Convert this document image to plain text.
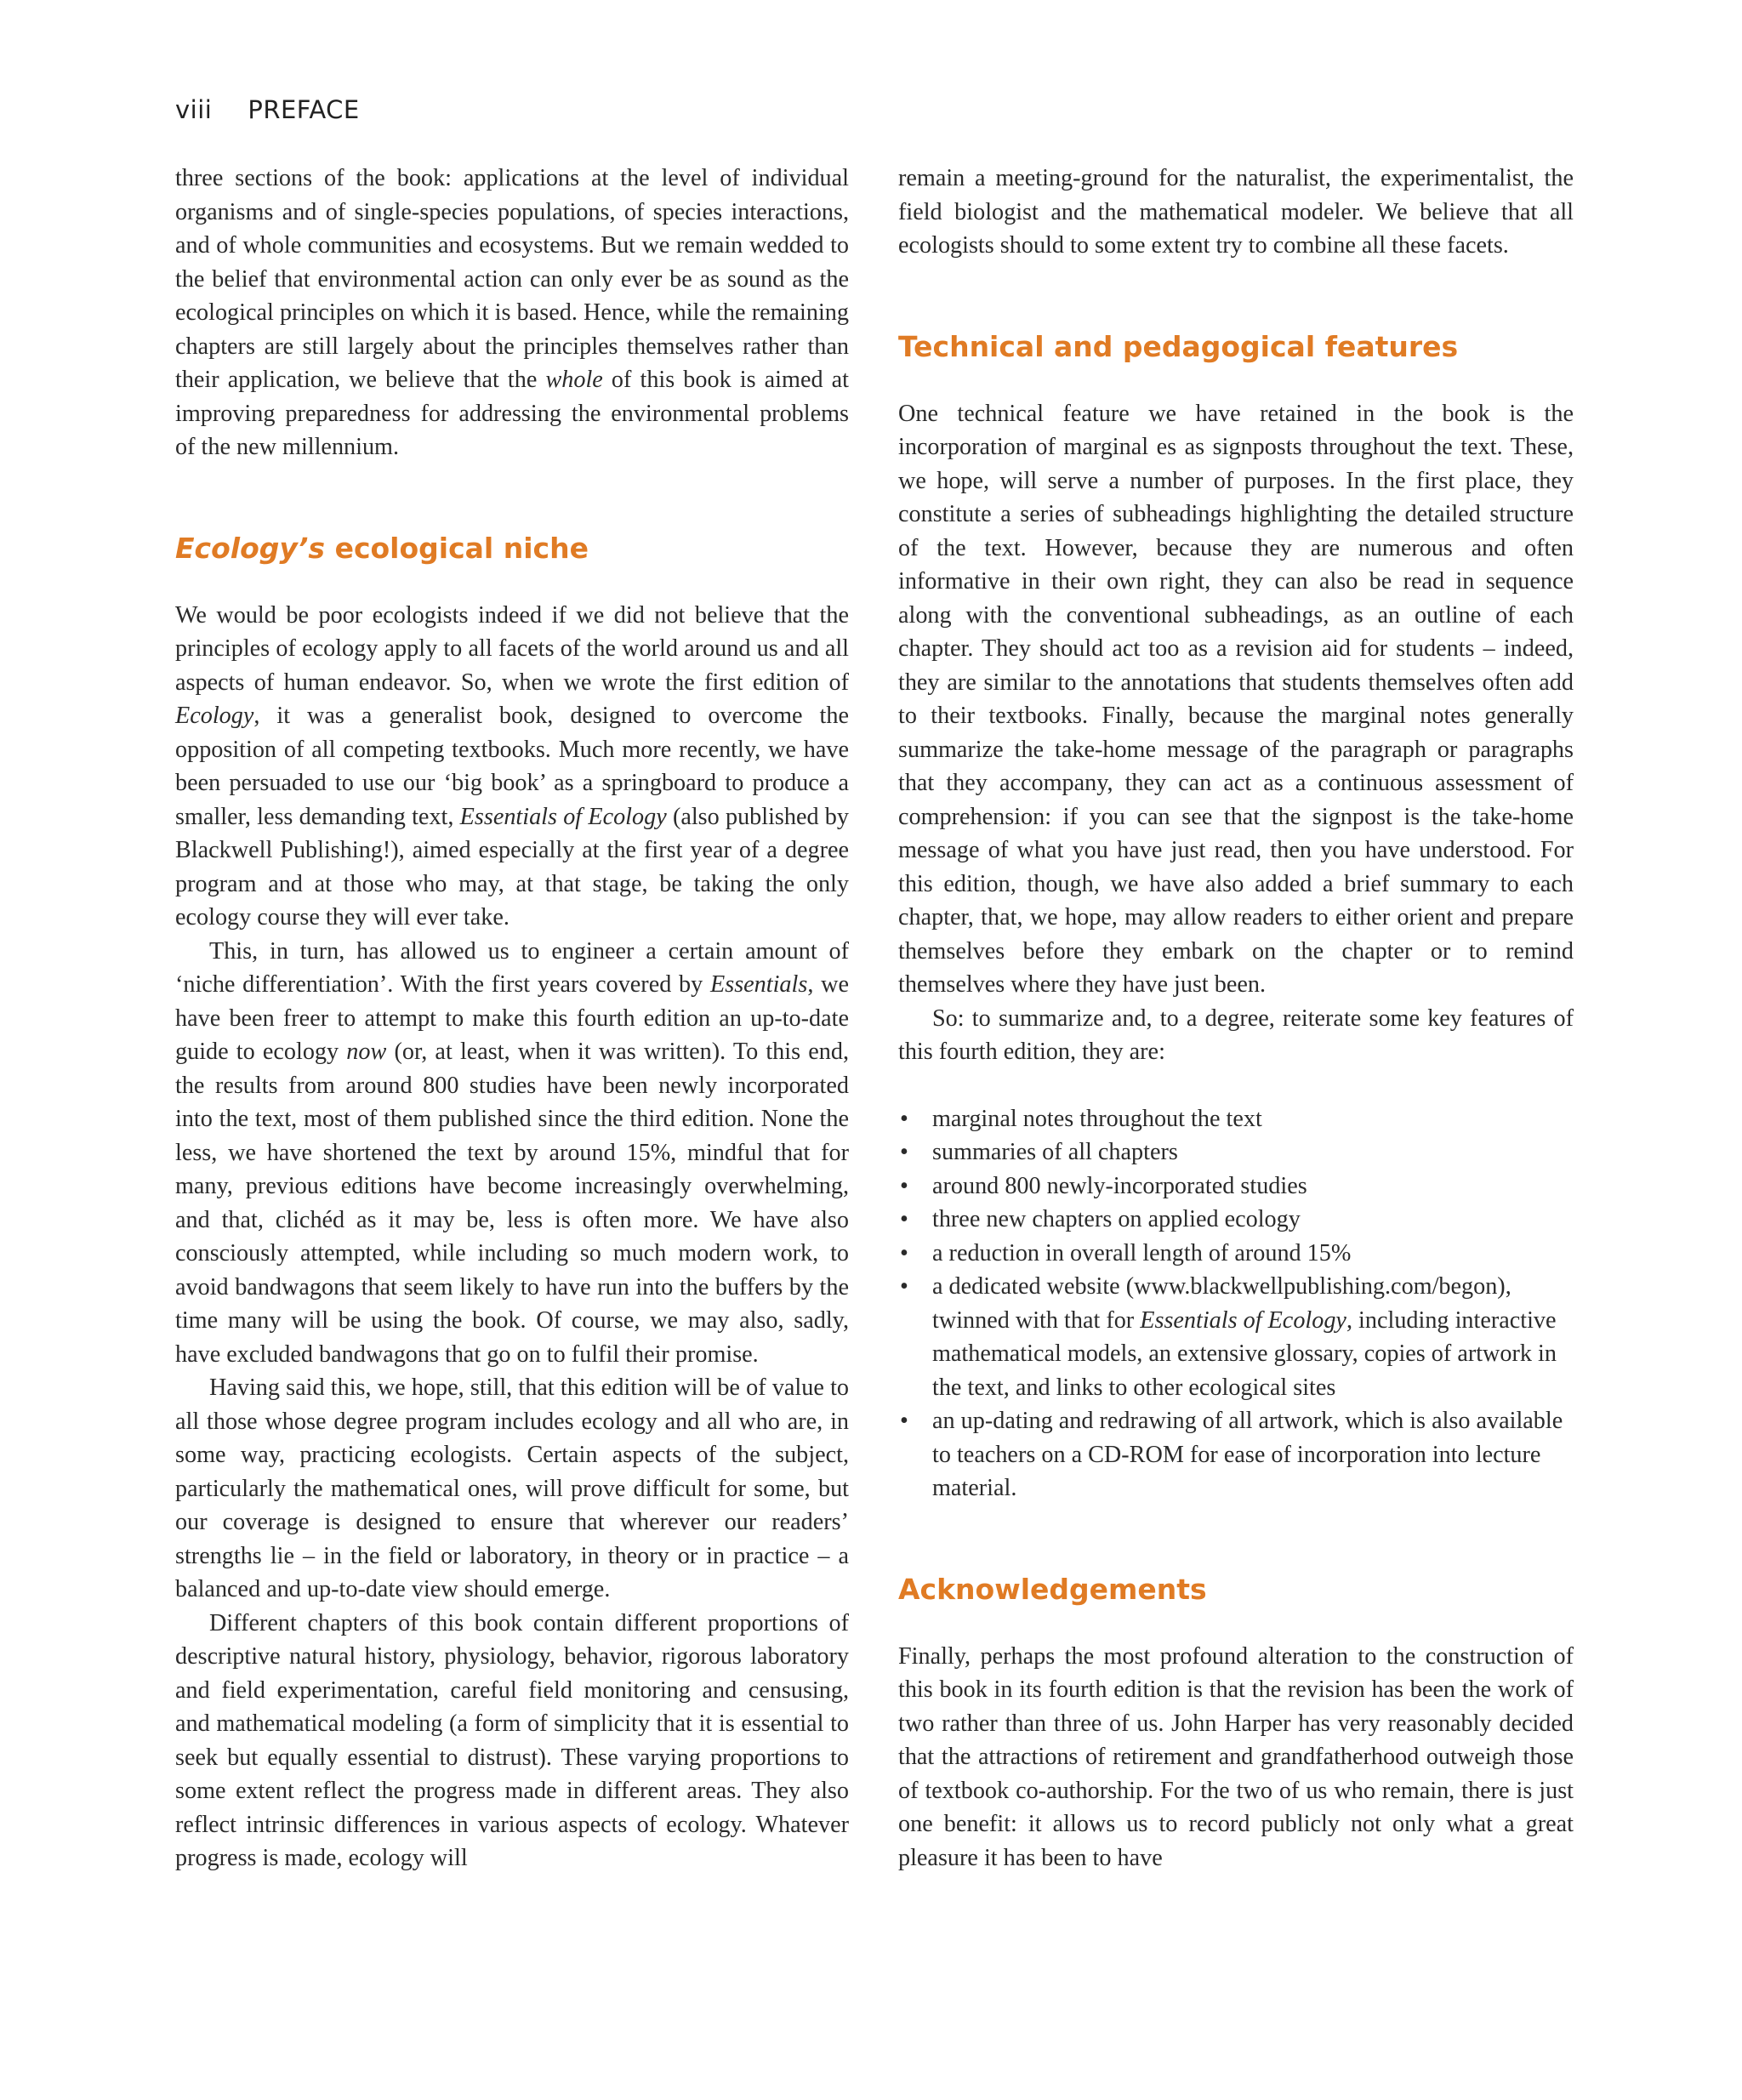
viii PREFACE

three sections of the book: applications at the level of individual organisms and of single-species populations, of species interactions, and of whole communities and ecosystems. But we remain wedded to the belief that environmental action can only ever be as sound as the ecological principles on which it is based. Hence, while the remaining chapters are still largely about the principles themselves rather than their application, we believe that the whole of this book is aimed at improving preparedness for addressing the environmental problems of the new millennium.

Ecology’s ecological niche

We would be poor ecologists indeed if we did not believe that the principles of ecology apply to all facets of the world around us and all aspects of human endeavor. So, when we wrote the first edition of Ecology, it was a generalist book, designed to overcome the opposition of all competing textbooks. Much more recently, we have been persuaded to use our ‘big book’ as a springboard to produce a smaller, less demanding text, Essentials of Ecology (also published by Blackwell Publishing!), aimed especially at the first year of a degree program and at those who may, at that stage, be taking the only ecology course they will ever take.

This, in turn, has allowed us to engineer a certain amount of ‘niche differentiation’. With the first years covered by Essentials, we have been freer to attempt to make this fourth edition an up-to-date guide to ecology now (or, at least, when it was written). To this end, the results from around 800 studies have been newly incorporated into the text, most of them published since the third edition. None the less, we have shortened the text by around 15%, mindful that for many, previous editions have become increasingly overwhelming, and that, clichéd as it may be, less is often more. We have also consciously attempted, while including so much modern work, to avoid bandwagons that seem likely to have run into the buffers by the time many will be using the book. Of course, we may also, sadly, have excluded bandwagons that go on to fulfil their promise.

Having said this, we hope, still, that this edition will be of value to all those whose degree program includes ecology and all who are, in some way, practicing ecologists. Certain aspects of the subject, particularly the mathematical ones, will prove difficult for some, but our coverage is designed to ensure that wherever our readers’ strengths lie – in the field or laboratory, in theory or in practice – a balanced and up-to-date view should emerge.

Different chapters of this book contain different proportions of descriptive natural history, physiology, behavior, rigorous laboratory and field experimentation, careful field monitoring and censusing, and mathematical modeling (a form of simplicity that it is essential to seek but equally essential to distrust). These varying proportions to some extent reflect the progress made in different areas. They also reflect intrinsic differences in various aspects of ecology. Whatever progress is made, ecology will

remain a meeting-ground for the naturalist, the experimentalist, the field biologist and the mathematical modeler. We believe that all ecologists should to some extent try to combine all these facets.

Technical and pedagogical features

One technical feature we have retained in the book is the incorporation of marginal es as signposts throughout the text. These, we hope, will serve a number of purposes. In the first place, they constitute a series of subheadings highlighting the detailed structure of the text. However, because they are numerous and often informative in their own right, they can also be read in sequence along with the conventional subheadings, as an outline of each chapter. They should act too as a revision aid for students – indeed, they are similar to the annotations that students themselves often add to their textbooks. Finally, because the marginal notes generally summarize the take-home message of the paragraph or paragraphs that they accompany, they can act as a continuous assessment of comprehension: if you can see that the signpost is the take-home message of what you have just read, then you have understood. For this edition, though, we have also added a brief summary to each chapter, that, we hope, may allow readers to either orient and prepare themselves before they embark on the chapter or to remind themselves where they have just been.

So: to summarize and, to a degree, reiterate some key features of this fourth edition, they are:

• marginal notes throughout the text
• summaries of all chapters
• around 800 newly-incorporated studies
• three new chapters on applied ecology
• a reduction in overall length of around 15%
• a dedicated website (www.blackwellpublishing.com/begon), twinned with that for Essentials of Ecology, including interactive mathematical models, an extensive glossary, copies of artwork in the text, and links to other ecological sites
• an up-dating and redrawing of all artwork, which is also available to teachers on a CD-ROM for ease of incorporation into lecture material.
Acknowledgements

Finally, perhaps the most profound alteration to the construction of this book in its fourth edition is that the revision has been the work of two rather than three of us. John Harper has very reasonably decided that the attractions of retirement and grandfatherhood outweigh those of textbook co-authorship. For the two of us who remain, there is just one benefit: it allows us to record publicly not only what a great pleasure it has been to have
